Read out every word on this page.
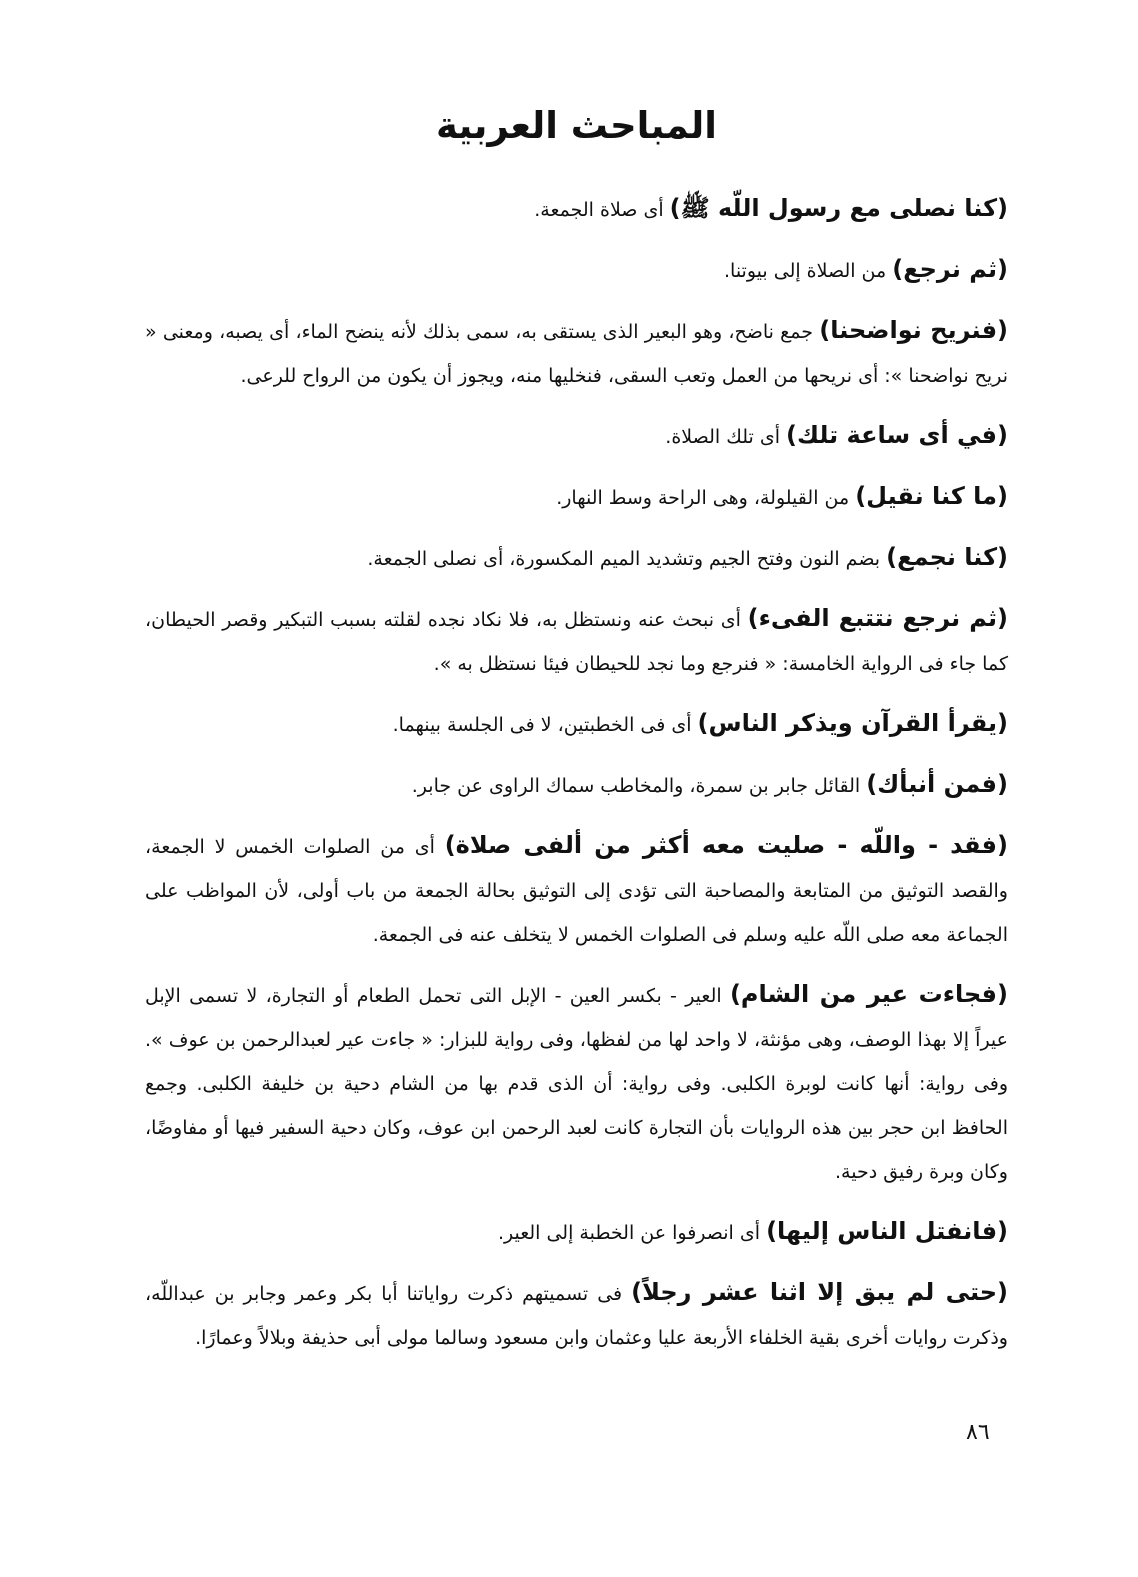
المباحث العربية

(كنا نصلى مع رسول اللّه ﷺ) أى صلاة الجمعة.

(ثم نرجع) من الصلاة إلى بيوتنا.

(فنريح نواضحنا) جمع ناضح، وهو البعير الذى يستقى به، سمى بذلك لأنه ينضح الماء، أى يصبه، ومعنى « نريح نواضحنا »: أى نريحها من العمل وتعب السقى، فنخليها منه، ويجوز أن يكون من الرواح للرعى.

(في أى ساعة تلك) أى تلك الصلاة.

(ما كنا نقيل) من القيلولة، وهى الراحة وسط النهار.

(كنا نجمع) بضم النون وفتح الجيم وتشديد الميم المكسورة، أى نصلى الجمعة.

(ثم نرجع نتتبع الفىء) أى نبحث عنه ونستظل به، فلا نكاد نجده لقلته بسبب التبكير وقصر الحيطان، كما جاء فى الرواية الخامسة: « فنرجع وما نجد للحيطان فيئا نستظل به ».

(يقرأ القرآن ويذكر الناس) أى فى الخطبتين، لا فى الجلسة بينهما.

(فمن أنبأك) القائل جابر بن سمرة، والمخاطب سماك الراوى عن جابر.

(فقد - واللّه - صليت معه أكثر من ألفى صلاة) أى من الصلوات الخمس لا الجمعة، والقصد التوثيق من المتابعة والمصاحبة التى تؤدى إلى التوثيق بحالة الجمعة من باب أولى، لأن المواظب على الجماعة معه صلى اللّه عليه وسلم فى الصلوات الخمس لا يتخلف عنه فى الجمعة.

(فجاءت عير من الشام) العير - بكسر العين - الإبل التى تحمل الطعام أو التجارة، لا تسمى الإبل عيراً إلا بهذا الوصف، وهى مؤنثة، لا واحد لها من لفظها، وفى رواية للبزار: « جاءت عير لعبدالرحمن بن عوف ». وفى رواية: أنها كانت لوبرة الكلبى. وفى رواية: أن الذى قدم بها من الشام دحية بن خليفة الكلبى. وجمع الحافظ ابن حجر بين هذه الروايات بأن التجارة كانت لعبد الرحمن ابن عوف، وكان دحية السفير فيها أو مفاوضًا، وكان وبرة رفيق دحية.

(فانفتل الناس إليها) أى انصرفوا عن الخطبة إلى العير.

(حتى لم يبق إلا اثنا عشر رجلاً) فى تسميتهم ذكرت رواياتنا أبا بكر وعمر وجابر بن عبداللّه، وذكرت روايات أخرى بقية الخلفاء الأربعة عليا وعثمان وابن مسعود وسالما مولى أبى حذيفة وبلالاً وعمارًا.

٨٦
